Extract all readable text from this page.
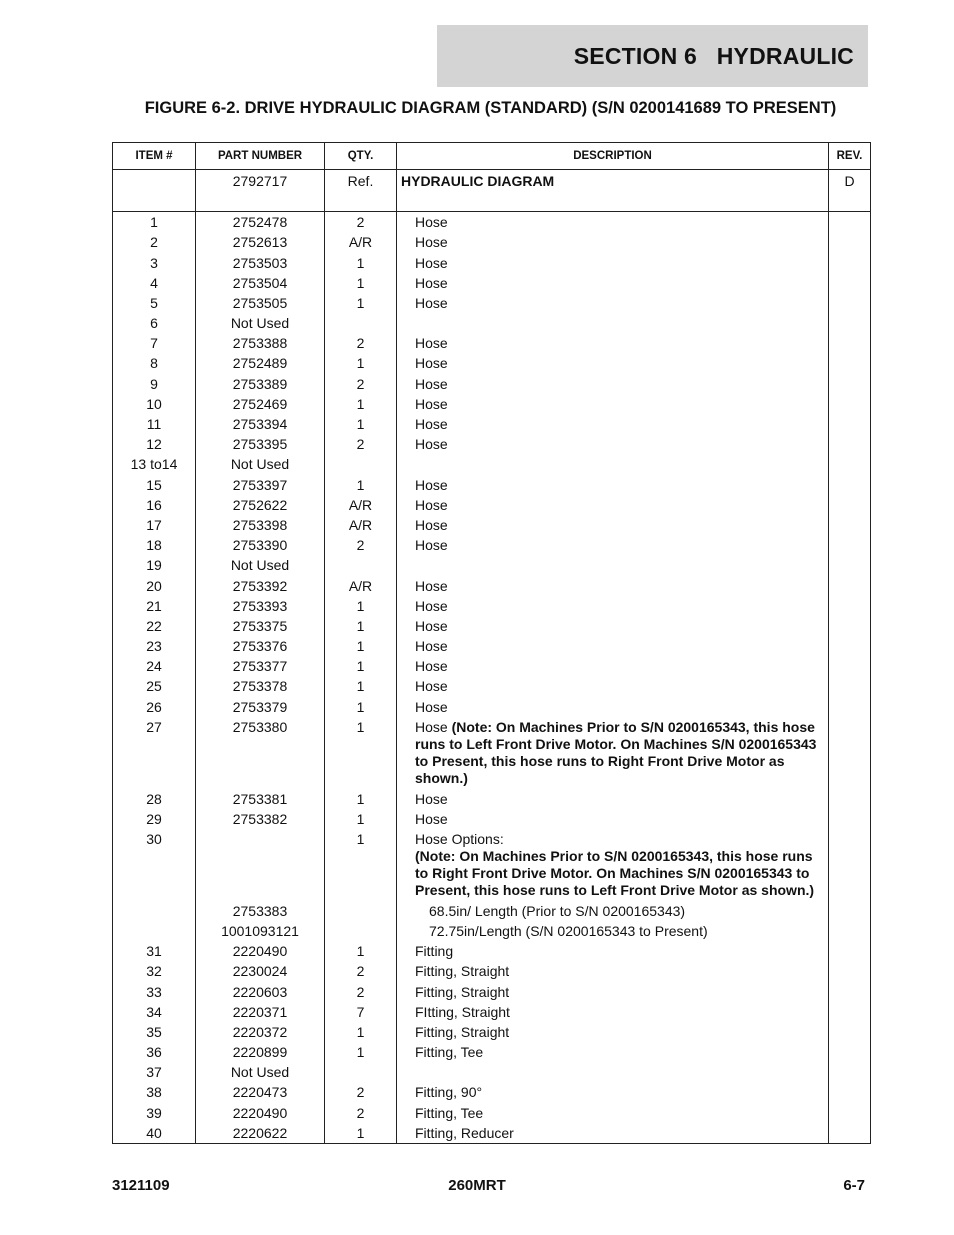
SECTION 6   HYDRAULIC
FIGURE 6-2. DRIVE HYDRAULIC DIAGRAM (STANDARD) (S/N 0200141689 TO PRESENT)
ITEM #	PART NUMBER	QTY.	DESCRIPTION	REV.
	2792717	Ref.	HYDRAULIC DIAGRAM	D

1	2752478	2	Hose	
2	2752613	A/R	Hose	
3	2753503	1	Hose	
4	2753504	1	Hose	
5	2753505	1	Hose	
6	Not Used			
7	2753388	2	Hose	
8	2752489	1	Hose	
9	2753389	2	Hose	
10	2752469	1	Hose	
11	2753394	1	Hose	
12	2753395	2	Hose	
13 to14	Not Used			
15	2753397	1	Hose	
16	2752622	A/R	Hose	
17	2753398	A/R	Hose	
18	2753390	2	Hose	
19	Not Used			
20	2753392	A/R	Hose	
21	2753393	1	Hose	
22	2753375	1	Hose	
23	2753376	1	Hose	
24	2753377	1	Hose	
25	2753378	1	Hose	
26	2753379	1	Hose	
27	2753380	1	Hose (Note: On Machines Prior to S/N 0200165343, this hose runs to Left Front Drive Motor. On Machines S/N 0200165343 to Present, this hose runs to Right Front Drive Motor as shown.)	
28	2753381	1	Hose	
29	2753382	1	Hose	
30		1	Hose Options:
(Note: On Machines Prior to S/N 0200165343, this hose runs to Right Front Drive Motor. On Machines S/N 0200165343 to Present, this hose runs to Left Front Drive Motor as shown.)	
	2753383		68.5in/ Length (Prior to S/N 0200165343)	
	1001093121		72.75in/Length (S/N 0200165343 to Present)	
31	2220490	1	Fitting	
32	2230024	2	Fitting, Straight	
33	2220603	2	Fitting, Straight	
34	2220371	7	FItting, Straight	
35	2220372	1	Fitting, Straight	
36	2220899	1	Fitting, Tee	
37	Not Used			
38	2220473	2	Fitting, 90°	
39	2220490	2	Fitting, Tee	
40	2220622	1	Fitting, Reducer	
3121109	260MRT	6-7
